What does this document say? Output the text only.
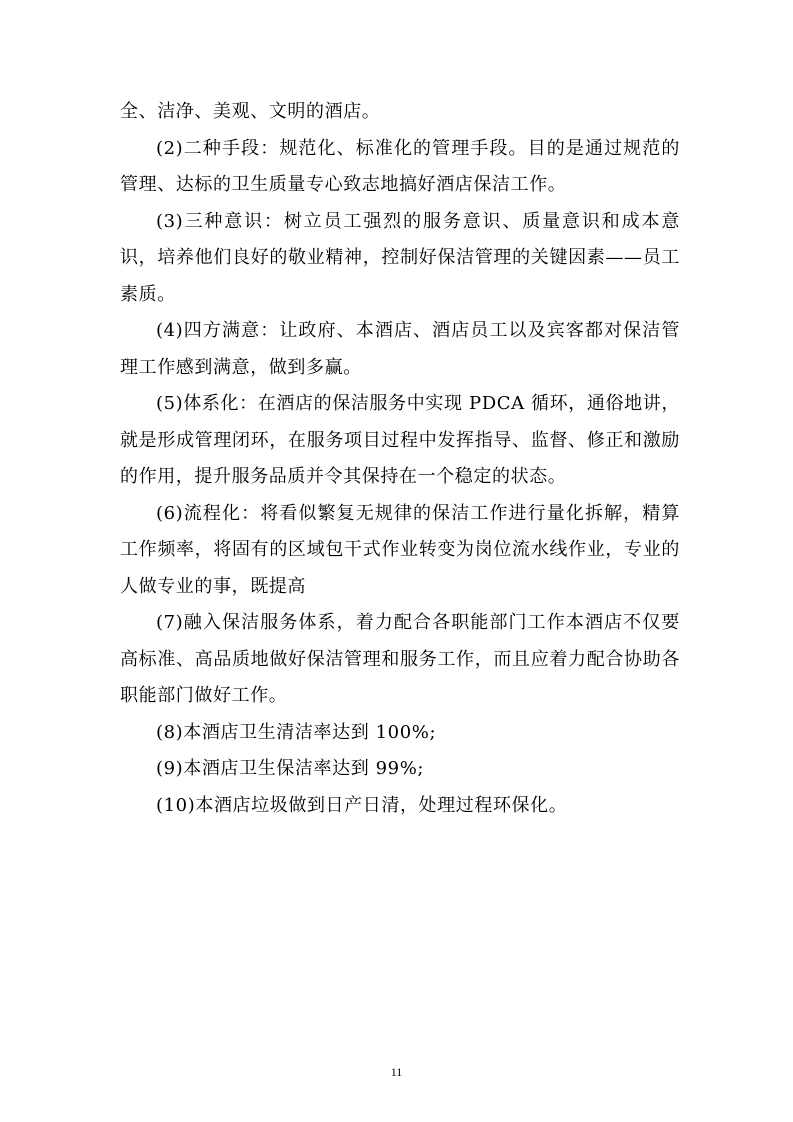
全、洁净、美观、文明的酒店。

(2)二种手段：规范化、标准化的管理手段。目的是通过规范的管理、达标的卫生质量专心致志地搞好酒店保洁工作。

(3)三种意识：树立员工强烈的服务意识、质量意识和成本意识，培养他们良好的敬业精神，控制好保洁管理的关键因素——员工素质。

(4)四方满意：让政府、本酒店、酒店员工以及宾客都对保洁管理工作感到满意，做到多赢。

(5)体系化：在酒店的保洁服务中实现 PDCA 循环，通俗地讲，就是形成管理闭环，在服务项目过程中发挥指导、监督、修正和激励的作用，提升服务品质并令其保持在一个稳定的状态。

(6)流程化：将看似繁复无规律的保洁工作进行量化拆解，精算工作频率，将固有的区域包干式作业转变为岗位流水线作业，专业的人做专业的事，既提高

(7)融入保洁服务体系，着力配合各职能部门工作本酒店不仅要高标准、高品质地做好保洁管理和服务工作，而且应着力配合协助各职能部门做好工作。

(8)本酒店卫生清洁率达到 100%;

(9)本酒店卫生保洁率达到 99%;

(10)本酒店垃圾做到日产日清，处理过程环保化。

11
